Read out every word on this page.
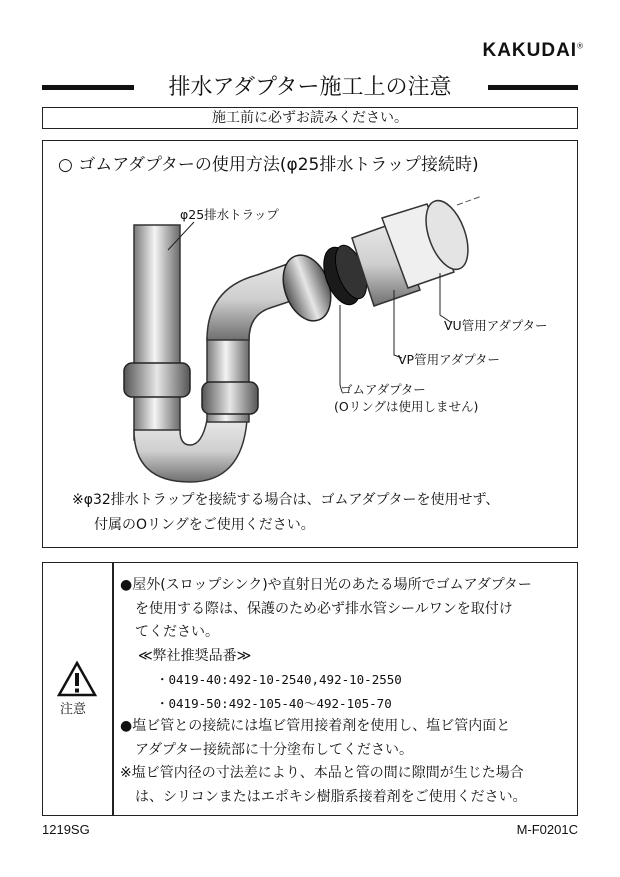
KAKUDAI®
排水アダプター施工上の注意
施工前に必ずお読みください。
○ ゴムアダプターの使用方法(φ25排水トラップ接続時)
φ25排水トラップ
VU管用アダプター
VP管用アダプター
ゴムアダプター
(Oリングは使用しません)
※φ32排水トラップを接続する場合は、ゴムアダプターを使用せず、
付属のOリングをご使用ください。
注意
●屋外(スロップシンク)や直射日光のあたる場所でゴムアダプター
を使用する際は、保護のため必ず排水管シールワンを取付け
てください。
≪弊社推奨品番≫
・0419-40:492-10-2540,492-10-2550
・0419-50:492-105-40〜492-105-70
●塩ビ管との接続には塩ビ管用接着剤を使用し、塩ビ管内面と
アダプター接続部に十分塗布してください。
※塩ビ管内径の寸法差により、本品と管の間に隙間が生じた場合
は、シリコンまたはエポキシ樹脂系接着剤をご使用ください。
1219SG	M-F0201C
